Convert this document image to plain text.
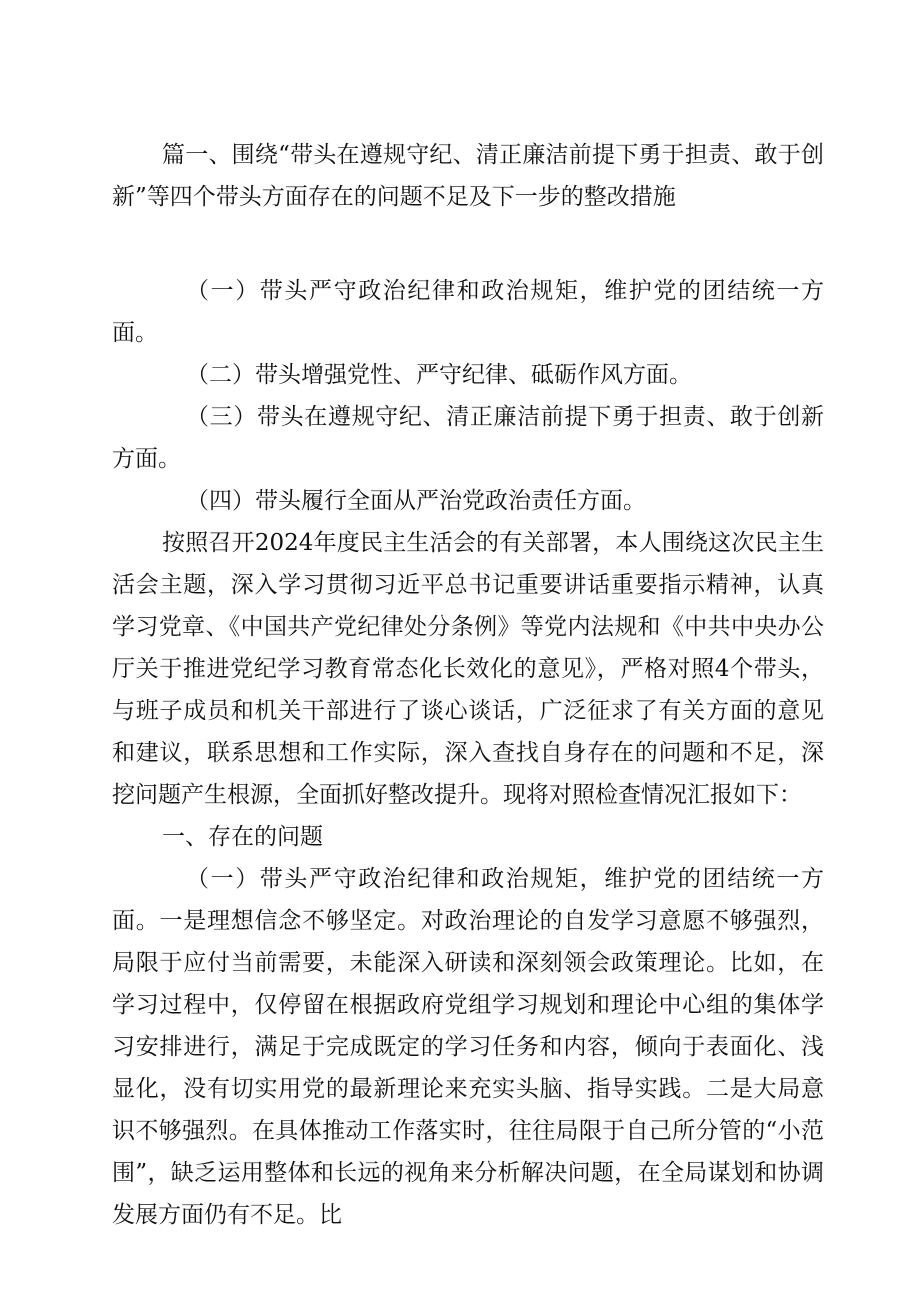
篇一、围绕“带头在遵规守纪、清正廉洁前提下勇于担责、敢于创新”等四个带头方面存在的问题不足及下一步的整改措施

（一）带头严守政治纪律和政治规矩，维护党的团结统一方面。

（二）带头增强党性、严守纪律、砥砺作风方面。

（三）带头在遵规守纪、清正廉洁前提下勇于担责、敢于创新方面。

（四）带头履行全面从严治党政治责任方面。

按照召开2024年度民主生活会的有关部署，本人围绕这次民主生活会主题，深入学习贯彻习近平总书记重要讲话重要指示精神，认真学习党章、《中国共产党纪律处分条例》等党内法规和《中共中央办公厅关于推进党纪学习教育常态化长效化的意见》，严格对照4个带头，与班子成员和机关干部进行了谈心谈话，广泛征求了有关方面的意见和建议，联系思想和工作实际，深入查找自身存在的问题和不足，深挖问题产生根源，全面抓好整改提升。现将对照检查情况汇报如下：

一、存在的问题

（一）带头严守政治纪律和政治规矩，维护党的团结统一方面。一是理想信念不够坚定。对政治理论的自发学习意愿不够强烈，局限于应付当前需要，未能深入研读和深刻领会政策理论。比如，在学习过程中，仅停留在根据政府党组学习规划和理论中心组的集体学习安排进行，满足于完成既定的学习任务和内容，倾向于表面化、浅显化，没有切实用党的最新理论来充实头脑、指导实践。二是大局意识不够强烈。在具体推动工作落实时，往往局限于自己所分管的“小范围”，缺乏运用整体和长远的视角来分析解决问题，在全局谋划和协调发展方面仍有不足。比
